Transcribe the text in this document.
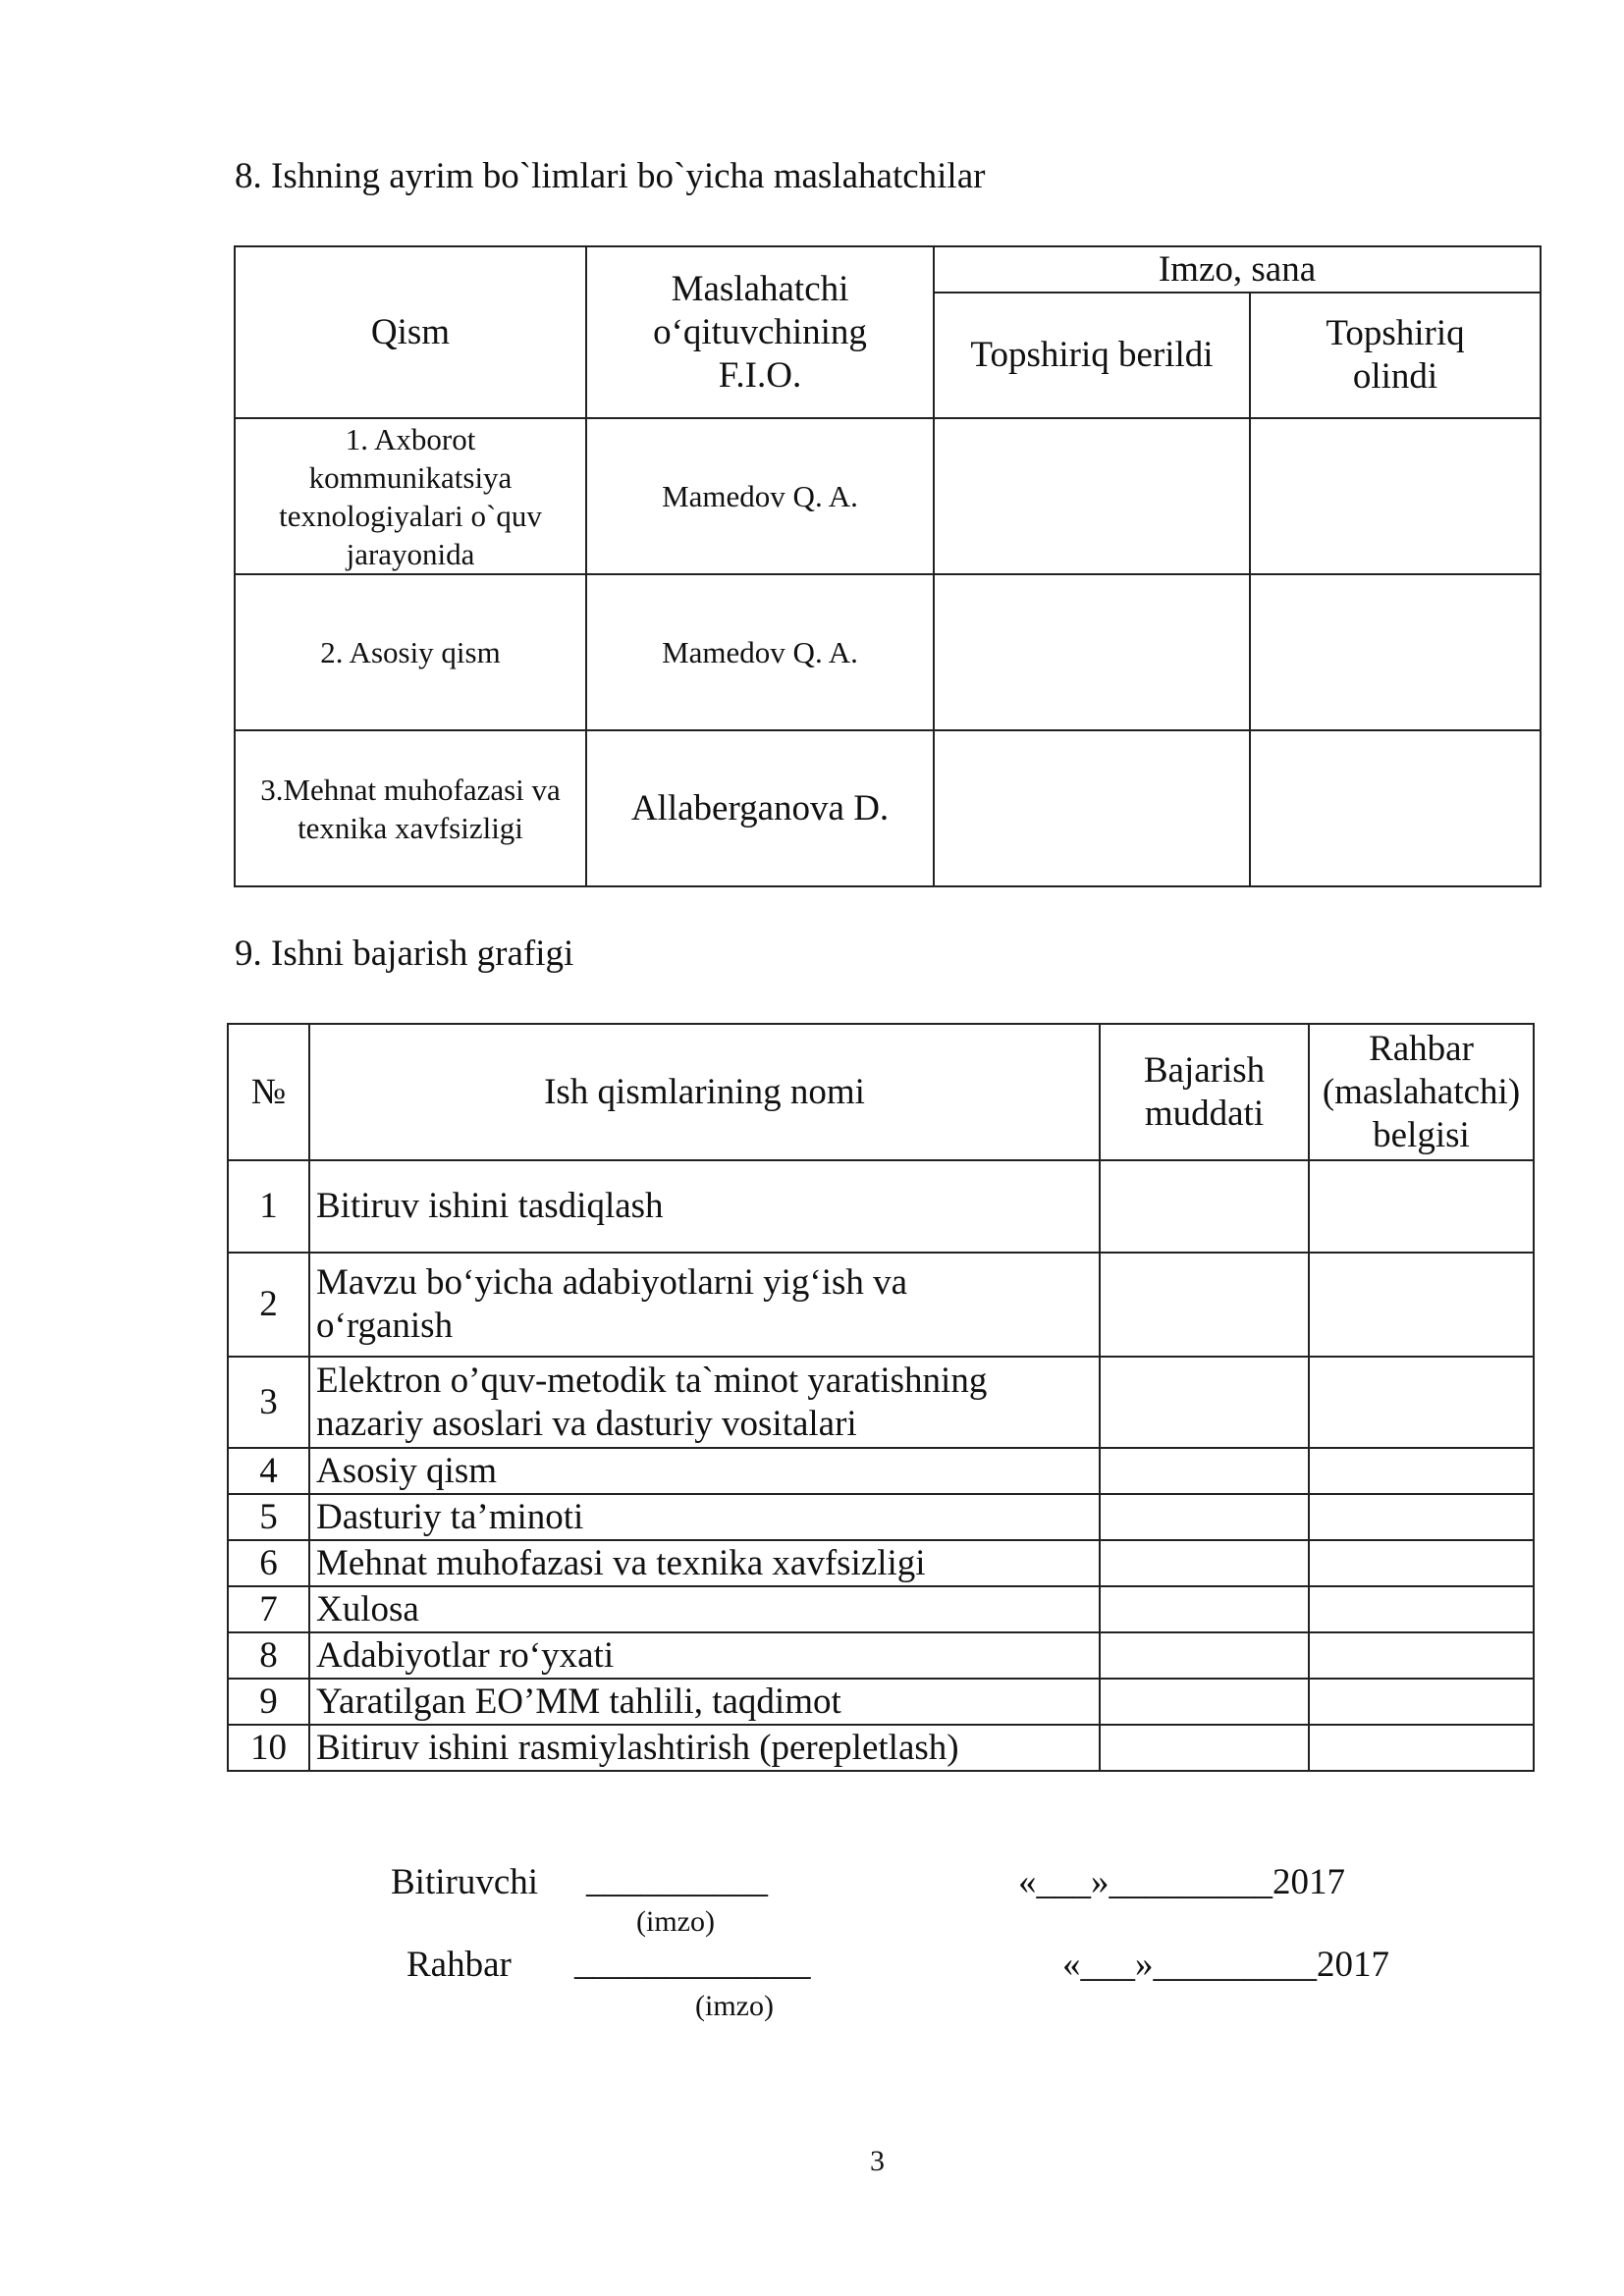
8. Ishning ayrim bo`limlari bo`yicha maslahatchilar
Qism	Maslahatchi o‘qituvchining F.I.O.	Imzo, sana	
		Topshiriq berildi	Topshiriq olindi
1. Axborot kommunikatsiya texnologiyalari o`quv jarayonida	Mamedov Q. A.		
2. Asosiy qism	Mamedov Q. A.		
3.Mehnat muhofazasi va texnika xavfsizligi	Allaberganova D.		
9. Ishni bajarish grafigi
№	Ish qismlarining nomi	Bajarish muddati	Rahbar (maslahatchi) belgisi
1	Bitiruv ishini tasdiqlash		
2	Mavzu bo‘yicha adabiyotlarni yig‘ish va o‘rganish		
3	Elektron o’quv-metodik ta`minot yaratishning nazariy asoslari va dasturiy vositalari		
4	Asosiy qism		
5	Dasturiy ta’minoti		
6	Mehnat muhofazasi va texnika xavfsizligi		
7	Xulosa		
8	Adabiyotlar ro‘yxati		
9	Yaratilgan EO’MM tahlili, taqdimot		
10	Bitiruv ishini rasmiylashtirish (perepletlash)		
Bitiruvchi __________
(imzo)
«___»_________2017
Rahbar _____________
(imzo)
«___»_________2017
3
